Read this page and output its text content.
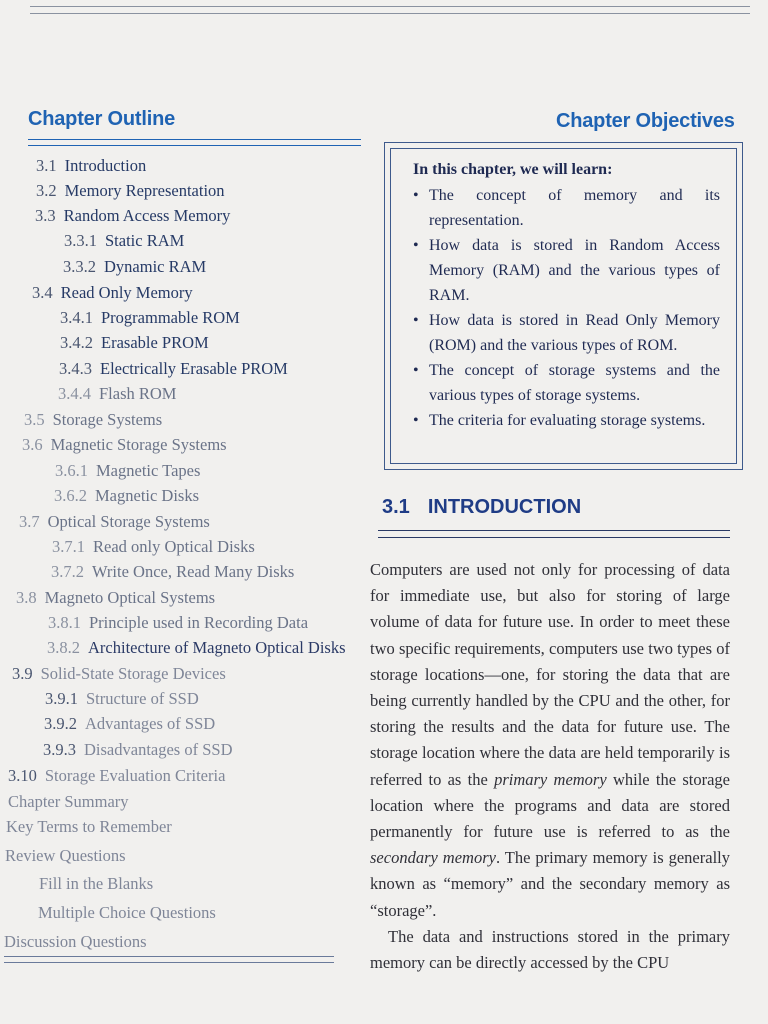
Chapter Outline
3.1 Introduction
3.2 Memory Representation
3.3 Random Access Memory
3.3.1 Static RAM
3.3.2 Dynamic RAM
3.4 Read Only Memory
3.4.1 Programmable ROM
3.4.2 Erasable PROM
3.4.3 Electrically Erasable PROM
3.4.4 Flash ROM
3.5 Storage Systems
3.6 Magnetic Storage Systems
3.6.1 Magnetic Tapes
3.6.2 Magnetic Disks
3.7 Optical Storage Systems
3.7.1 Read only Optical Disks
3.7.2 Write Once, Read Many Disks
3.8 Magneto Optical Systems
3.8.1 Principle used in Recording Data
3.8.2 Architecture of Magneto Optical Disks
3.9 Solid-State Storage Devices
3.9.1 Structure of SSD
3.9.2 Advantages of SSD
3.9.3 Disadvantages of SSD
3.10 Storage Evaluation Criteria
Chapter Summary
Key Terms to Remember
Review Questions
Fill in the Blanks
Multiple Choice Questions
Discussion Questions
Chapter Objectives
In this chapter, we will learn:
• The concept of memory and its representation.
• How data is stored in Random Access Memory (RAM) and the various types of RAM.
• How data is stored in Read Only Memory (ROM) and the various types of ROM.
• The concept of storage systems and the various types of storage systems.
• The criteria for evaluating storage systems.
3.1 INTRODUCTION

Computers are used not only for processing of data for immediate use, but also for storing of large volume of data for future use. In order to meet these two specific requirements, computers use two types of storage locations—one, for storing the data that are being currently handled by the CPU and the other, for storing the results and the data for future use. The storage location where the data are held temporarily is referred to as the primary memory while the storage location where the programs and data are stored permanently for future use is referred to as the secondary memory. The primary memory is generally known as “memory” and the secondary memory as “storage”.

The data and instructions stored in the primary memory can be directly accessed by the CPU
